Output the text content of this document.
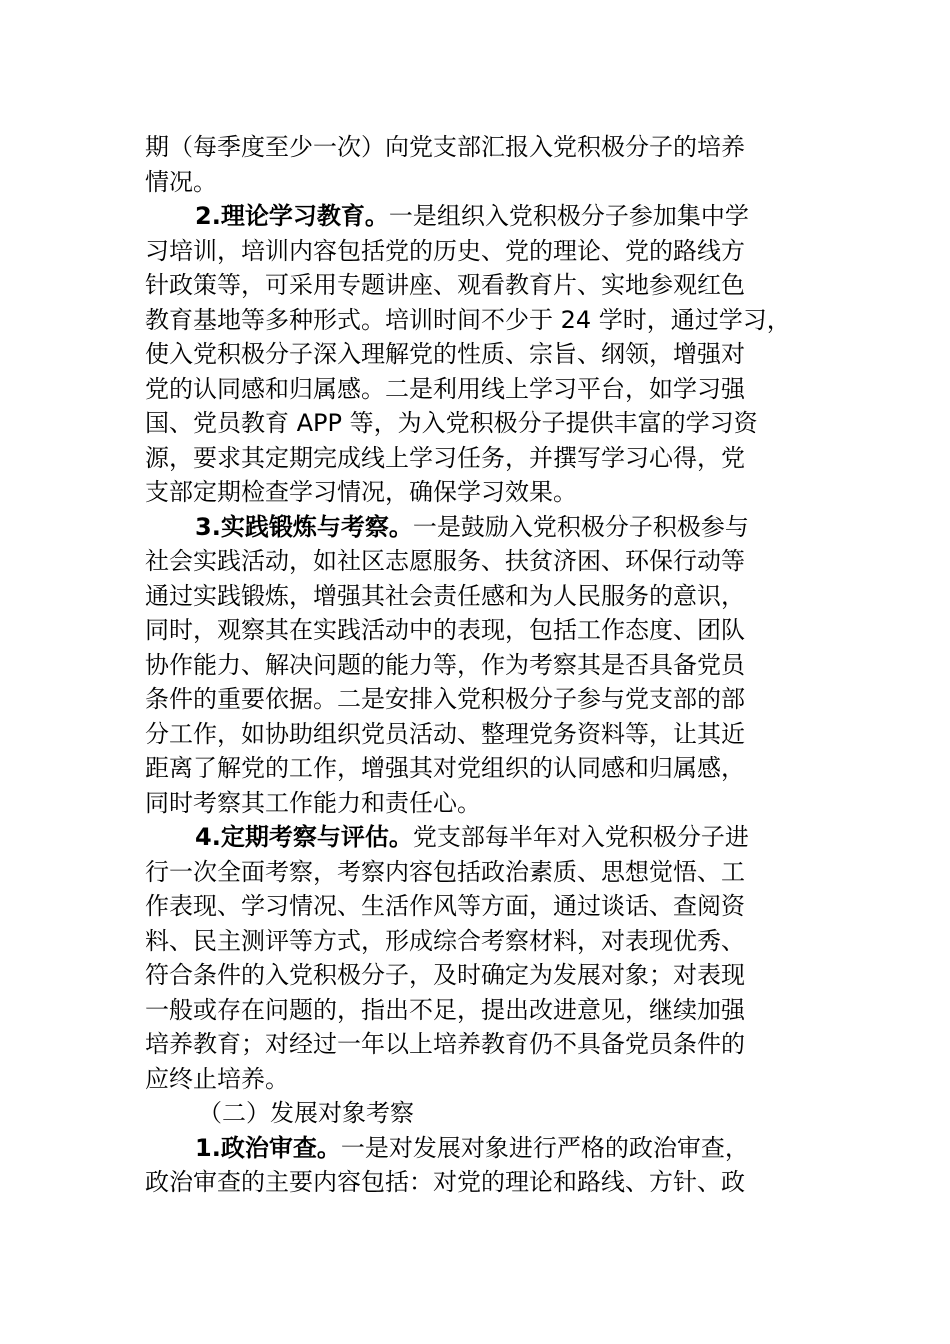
期（每季度至少一次）向党支部汇报入党积极分子的培养
情况。
2.理论学习教育。一是组织入党积极分子参加集中学
习培训，培训内容包括党的历史、党的理论、党的路线方
针政策等，可采用专题讲座、观看教育片、实地参观红色
教育基地等多种形式。培训时间不少于 24 学时，通过学习，
使入党积极分子深入理解党的性质、宗旨、纲领，增强对
党的认同感和归属感。二是利用线上学习平台，如学习强
国、党员教育 APP 等，为入党积极分子提供丰富的学习资
源，要求其定期完成线上学习任务，并撰写学习心得，党
支部定期检查学习情况，确保学习效果。
3.实践锻炼与考察。一是鼓励入党积极分子积极参与
社会实践活动，如社区志愿服务、扶贫济困、环保行动等
通过实践锻炼，增强其社会责任感和为人民服务的意识，
同时，观察其在实践活动中的表现，包括工作态度、团队
协作能力、解决问题的能力等，作为考察其是否具备党员
条件的重要依据。二是安排入党积极分子参与党支部的部
分工作，如协助组织党员活动、整理党务资料等，让其近
距离了解党的工作，增强其对党组织的认同感和归属感，
同时考察其工作能力和责任心。
4.定期考察与评估。党支部每半年对入党积极分子进
行一次全面考察，考察内容包括政治素质、思想觉悟、工
作表现、学习情况、生活作风等方面，通过谈话、查阅资
料、民主测评等方式，形成综合考察材料，对表现优秀、
符合条件的入党积极分子，及时确定为发展对象；对表现
一般或存在问题的，指出不足，提出改进意见，继续加强
培养教育；对经过一年以上培养教育仍不具备党员条件的
应终止培养。
（二）发展对象考察
1.政治审查。一是对发展对象进行严格的政治审查，
政治审查的主要内容包括：对党的理论和路线、方针、政
